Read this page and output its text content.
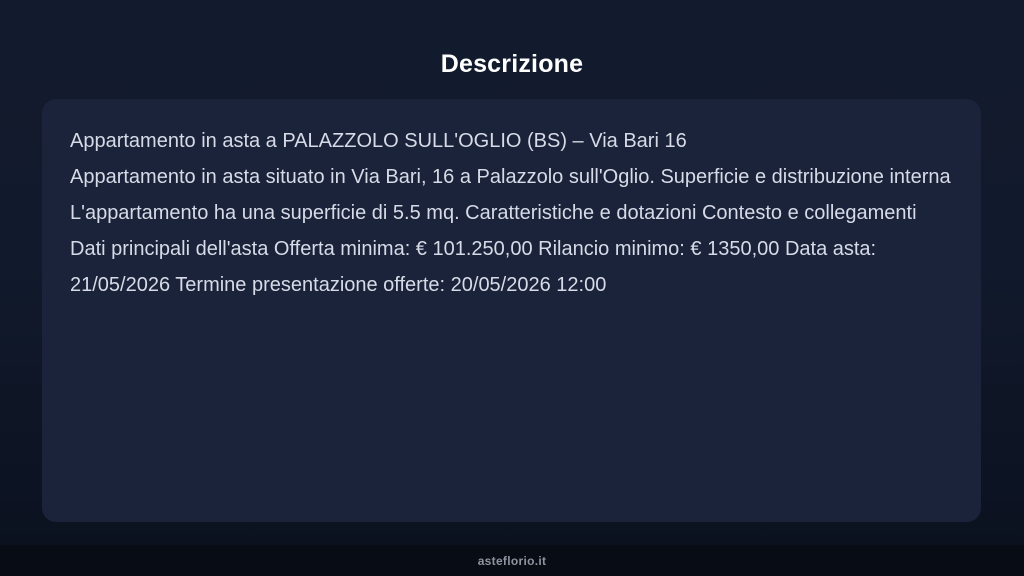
Descrizione

Appartamento in asta a PALAZZOLO SULL'OGLIO (BS) – Via Bari 16
Appartamento in asta situato in Via Bari, 16 a Palazzolo sull'Oglio. Superficie e distribuzione interna L'appartamento ha una superficie di 5.5 mq. Caratteristiche e dotazioni Contesto e collegamenti Dati principali dell'asta Offerta minima: € 101.250,00 Rilancio minimo: € 1350,00 Data asta: 21/05/2026 Termine presentazione offerte: 20/05/2026 12:00

asteflorio.it
